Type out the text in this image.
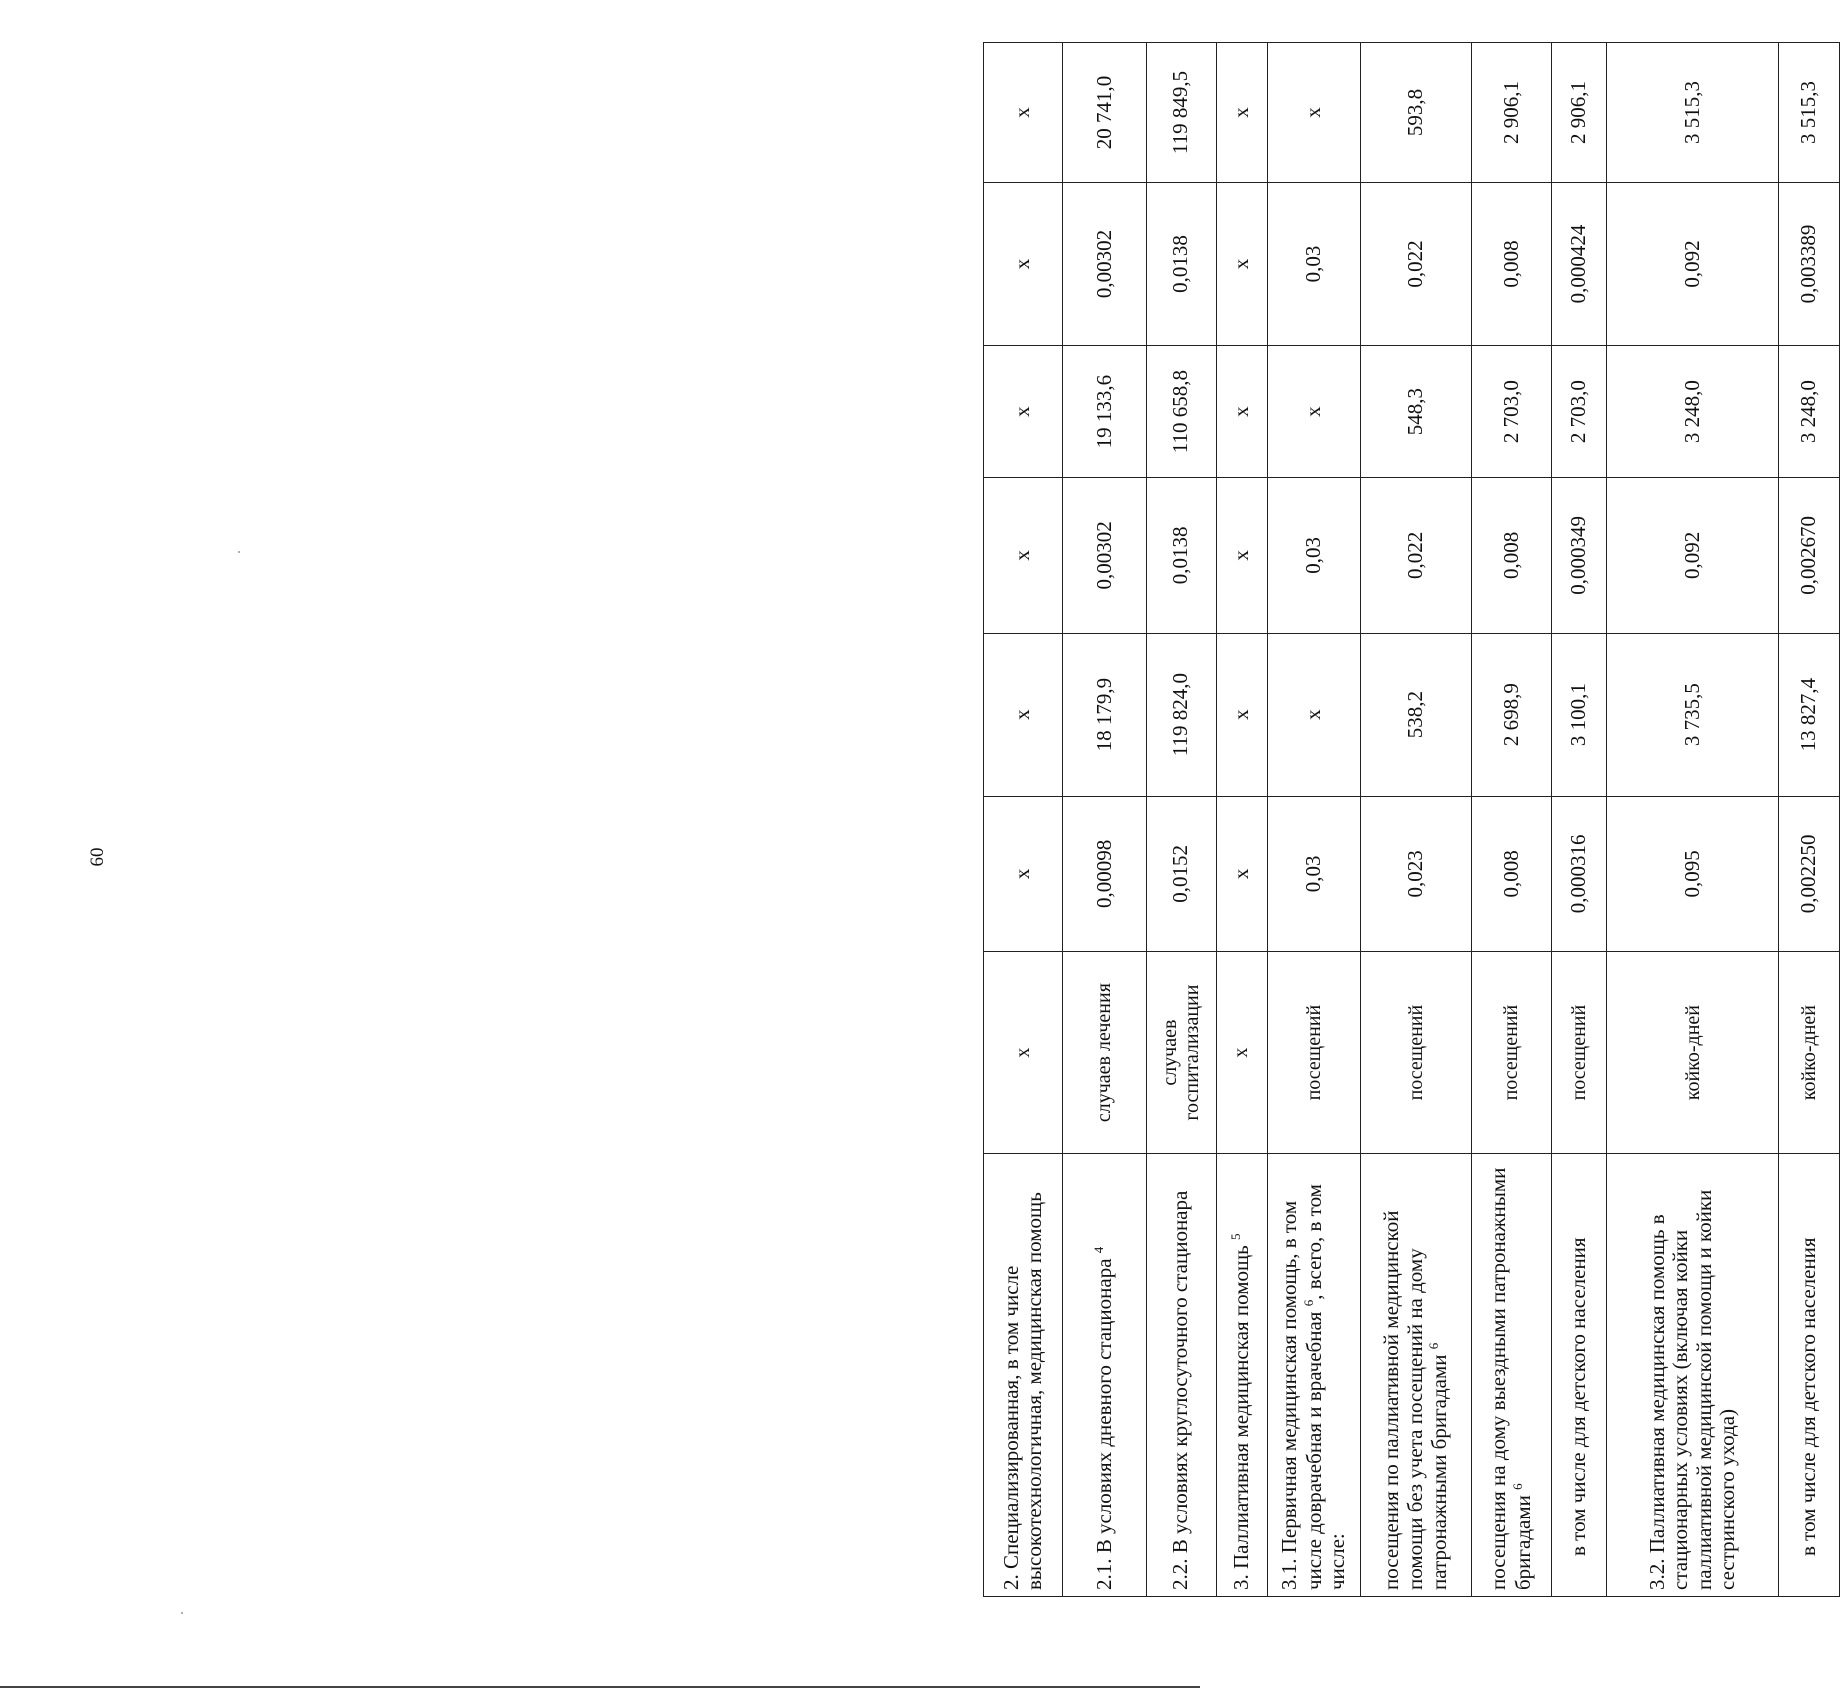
60
2. Специализированная, в том числе высокотехнологичная, медицинская помощь	х	х	х	х	х	х	х
2.1. В условиях дневного стационара $^4$	случаев лечения	0,00098	18 179,9	0,00302	19 133,6	0,00302	20 741,0
2.2. В условиях круглосуточного стационара	случаев госпитализации	0,0152	119 824,0	0,0138	110 658,8	0,0138	119 849,5
3. Паллиативная медицинская помощь $^5$	х	х	х	х	х	х	х
3.1. Первичная медицинская помощь, в том числе доврачебная и врачебная $^6$, всего, в том числе:	посещений	0,03	х	0,03	х	0,03	х
посещения по паллиативной медицинской помощи без учета посещений на дому патронажными бригадами $^6$	посещений	0,023	538,2	0,022	548,3	0,022	593,8
посещения на дому выездными патронажными бригадами $^6$	посещений	0,008	2 698,9	0,008	2 703,0	0,008	2 906,1
в том числе для детского населения	посещений	0,000316	3 100,1	0,000349	2 703,0	0,000424	2 906,1
3.2. Паллиативная медицинская помощь в стационарных условиях (включая койки паллиативной медицинской помощи и койки сестринского ухода)	койко-дней	0,095	3 735,5	0,092	3 248,0	0,092	3 515,3
в том числе для детского населения	койко-дней	0,002250	13 827,4	0,002670	3 248,0	0,003389	3 515,3
